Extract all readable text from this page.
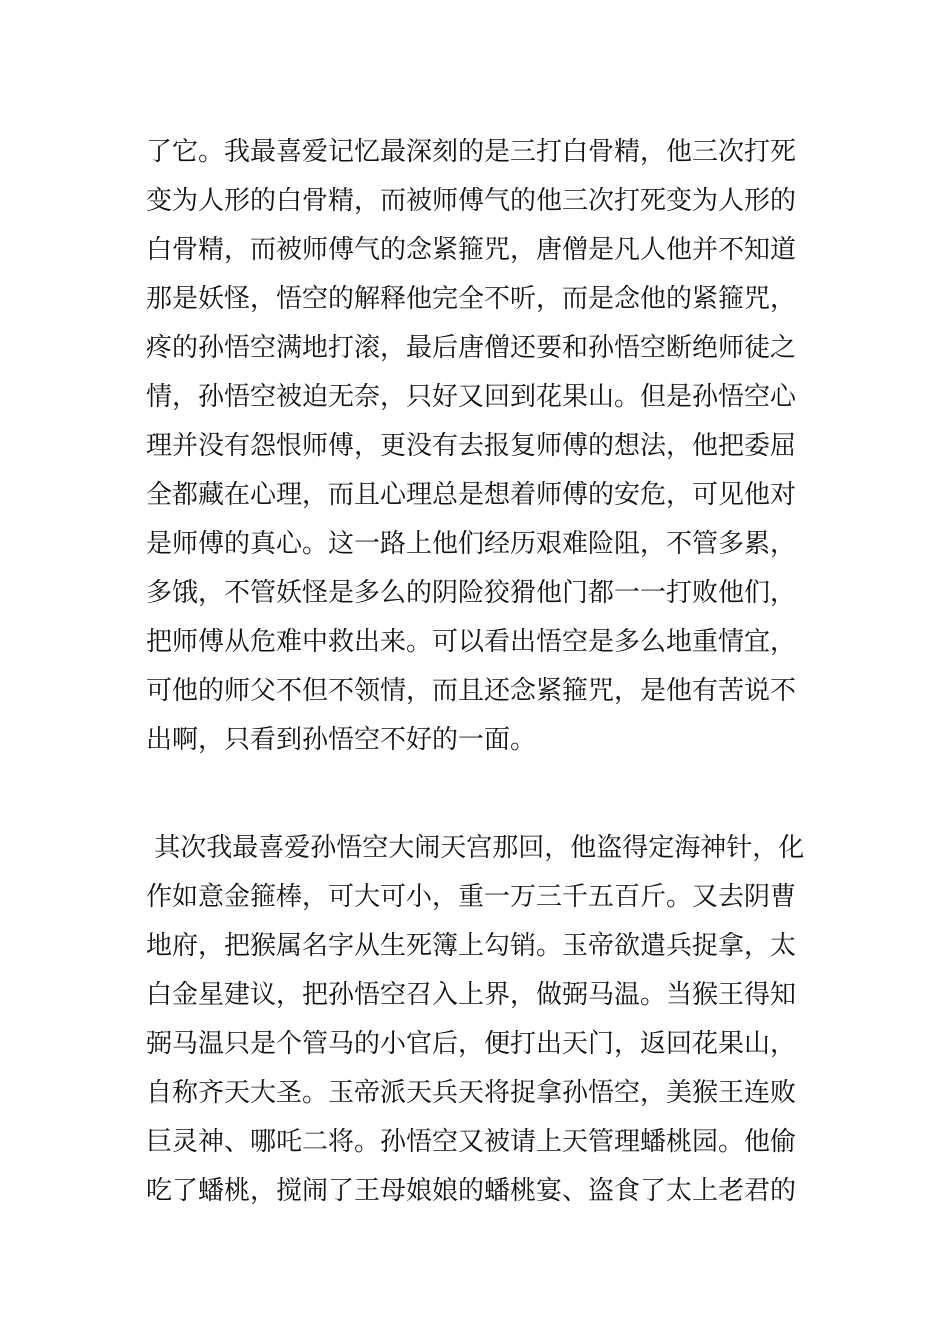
了它。我最喜爱记忆最深刻的是三打白骨精，他三次打死
变为人形的白骨精，而被师傅气的他三次打死变为人形的
白骨精，而被师傅气的念紧箍咒，唐僧是凡人他并不知道
那是妖怪，悟空的解释他完全不听，而是念他的紧箍咒，
疼的孙悟空满地打滚，最后唐僧还要和孙悟空断绝师徒之
情，孙悟空被迫无奈，只好又回到花果山。但是孙悟空心
理并没有怨恨师傅，更没有去报复师傅的想法，他把委屈
全都藏在心理，而且心理总是想着师傅的安危，可见他对
是师傅的真心。这一路上他们经历艰难险阻，不管多累，
多饿，不管妖怪是多么的阴险狡猾他门都一一打败他们，
把师傅从危难中救出来。可以看出悟空是多么地重情宜，
可他的师父不但不领情，而且还念紧箍咒，是他有苦说不
出啊，只看到孙悟空不好的一面。
其次我最喜爱孙悟空大闹天宫那回，他盗得定海神针，化
作如意金箍棒，可大可小，重一万三千五百斤。又去阴曹
地府，把猴属名字从生死簿上勾销。玉帝欲遣兵捉拿，太
白金星建议，把孙悟空召入上界，做弼马温。当猴王得知
弼马温只是个管马的小官后，便打出天门，返回花果山，
自称齐天大圣。玉帝派天兵天将捉拿孙悟空，美猴王连败
巨灵神、哪吒二将。孙悟空又被请上天管理蟠桃园。他偷
吃了蟠桃，搅闹了王母娘娘的蟠桃宴、盗食了太上老君的
